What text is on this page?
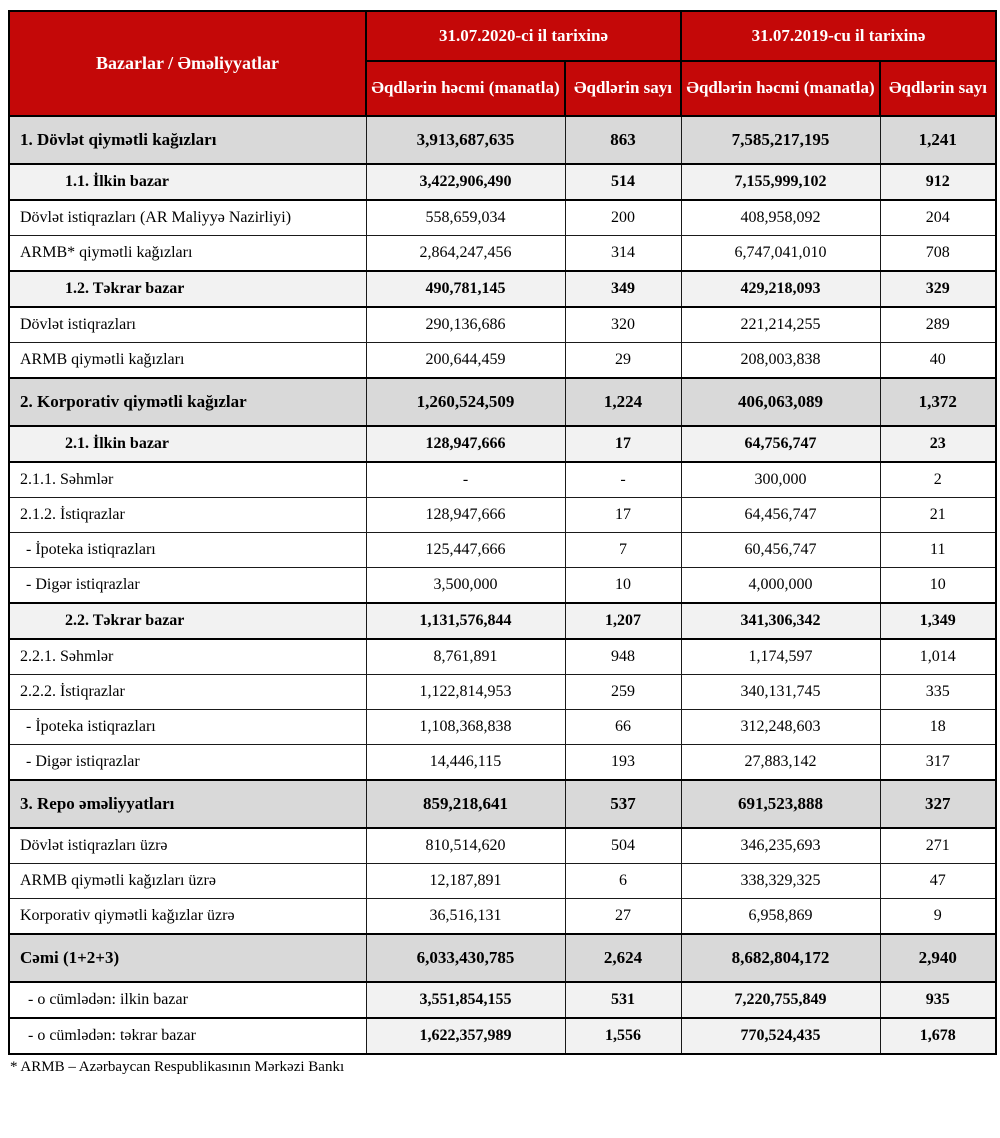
Bazarlar / Əməliyyatlar	31.07.2020-ci il tarixinə		31.07.2019-cu il tarixinə	
	Əqdlərin həcmi (manatla)	Əqdlərin sayı	Əqdlərin həcmi (manatla)	Əqdlərin sayı
1. Dövlət qiymətli kağızları	3,913,687,635	863	7,585,217,195	1,241
1.1. İlkin bazar	3,422,906,490	514	7,155,999,102	912
Dövlət istiqrazları (AR Maliyyə Nazirliyi)	558,659,034	200	408,958,092	204
ARMB* qiymətli kağızları	2,864,247,456	314	6,747,041,010	708
1.2. Təkrar bazar	490,781,145	349	429,218,093	329
Dövlət istiqrazları	290,136,686	320	221,214,255	289
ARMB qiymətli kağızları	200,644,459	29	208,003,838	40
2. Korporativ qiymətli kağızlar	1,260,524,509	1,224	406,063,089	1,372
2.1. İlkin bazar	128,947,666	17	64,756,747	23
2.1.1. Səhmlər	-	-	300,000	2
2.1.2. İstiqrazlar	128,947,666	17	64,456,747	21
- İpoteka istiqrazları	125,447,666	7	60,456,747	11
- Digər istiqrazlar	3,500,000	10	4,000,000	10
2.2. Təkrar bazar	1,131,576,844	1,207	341,306,342	1,349
2.2.1. Səhmlər	8,761,891	948	1,174,597	1,014
2.2.2. İstiqrazlar	1,122,814,953	259	340,131,745	335
- İpoteka istiqrazları	1,108,368,838	66	312,248,603	18
- Digər istiqrazlar	14,446,115	193	27,883,142	317
3. Repo əməliyyatları	859,218,641	537	691,523,888	327
Dövlət istiqrazları üzrə	810,514,620	504	346,235,693	271
ARMB qiymətli kağızları üzrə	12,187,891	6	338,329,325	47
Korporativ qiymətli kağızlar üzrə	36,516,131	27	6,958,869	9
Cəmi (1+2+3)	6,033,430,785	2,624	8,682,804,172	2,940
- o cümlədən: ilkin bazar	3,551,854,155	531	7,220,755,849	935
- o cümlədən: təkrar bazar	1,622,357,989	1,556	770,524,435	1,678
* ARMB – Azərbaycan Respublikasının Mərkəzi Bankı
